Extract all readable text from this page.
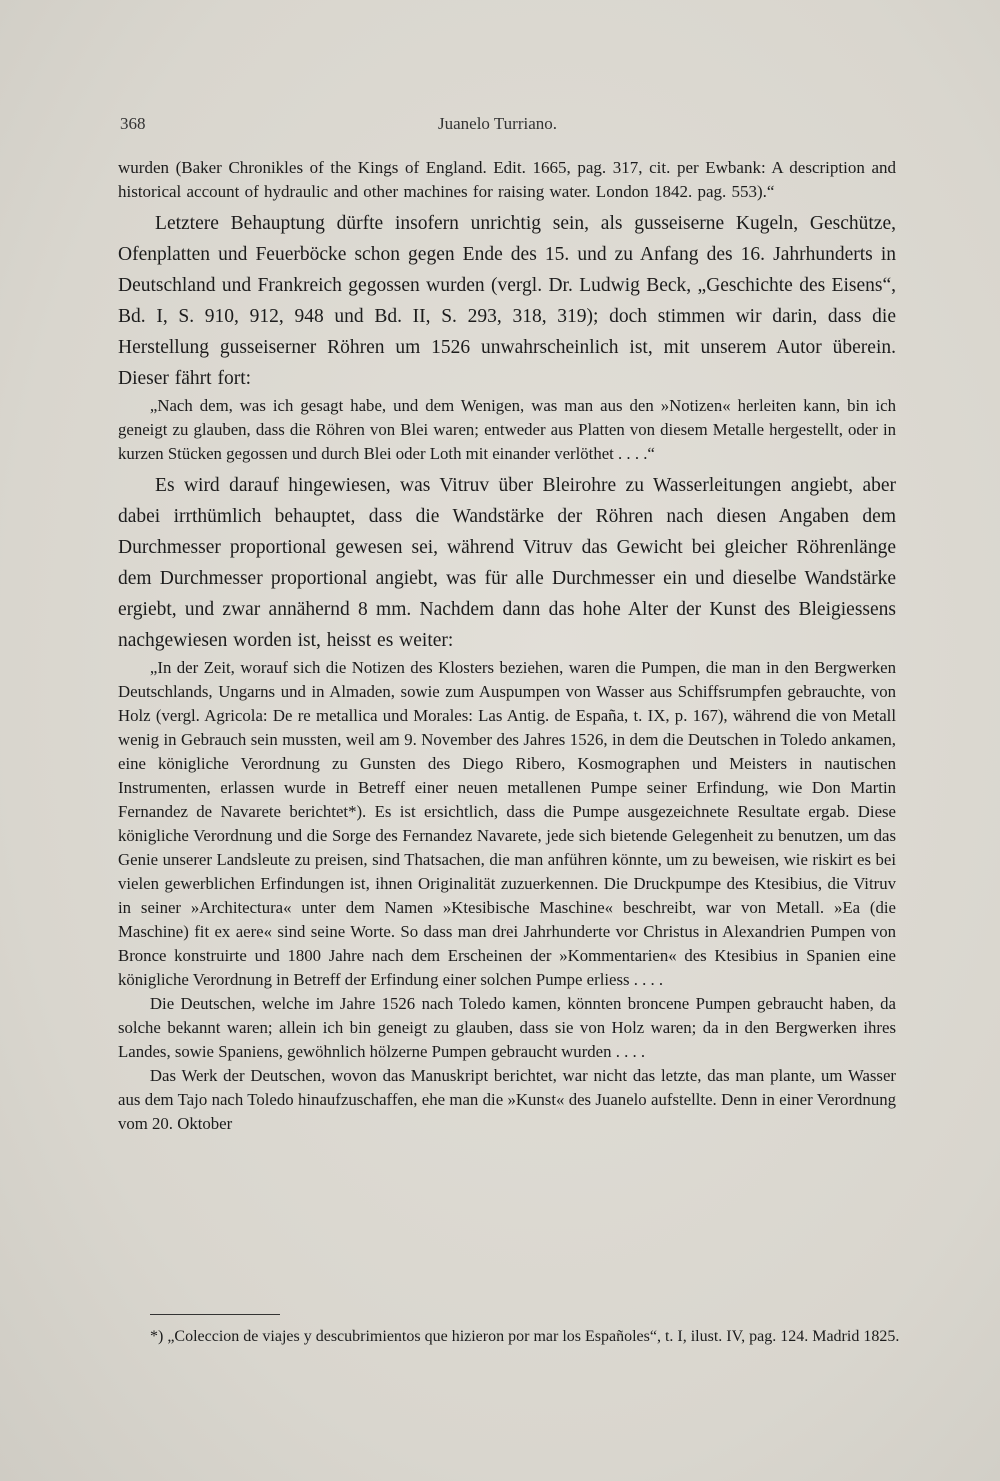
368	Juanelo Turriano.

wurden (Baker Chronikles of the Kings of England. Edit. 1665, pag. 317, cit. per Ewbank: A description and historical account of hydraulic and other machines for raising water. London 1842. pag. 553).“

Letztere Behauptung dürfte insofern unrichtig sein, als gusseiserne Kugeln, Geschütze, Ofenplatten und Feuerböcke schon gegen Ende des 15. und zu Anfang des 16. Jahrhunderts in Deutschland und Frankreich gegossen wurden (vergl. Dr. Ludwig Beck, „Geschichte des Eisens“, Bd. I, S. 910, 912, 948 und Bd. II, S. 293, 318, 319); doch stimmen wir darin, dass die Herstellung gusseiserner Röhren um 1526 unwahrscheinlich ist, mit unserem Autor überein. Dieser fährt fort:

„Nach dem, was ich gesagt habe, und dem Wenigen, was man aus den »Notizen« herleiten kann, bin ich geneigt zu glauben, dass die Röhren von Blei waren; entweder aus Platten von diesem Metalle hergestellt, oder in kurzen Stücken gegossen und durch Blei oder Loth mit einander verlöthet . . . .“

Es wird darauf hingewiesen, was Vitruv über Bleirohre zu Wasserleitungen angiebt, aber dabei irrthümlich behauptet, dass die Wandstärke der Röhren nach diesen Angaben dem Durchmesser proportional gewesen sei, während Vitruv das Gewicht bei gleicher Röhrenlänge dem Durchmesser proportional angiebt, was für alle Durchmesser ein und dieselbe Wandstärke ergiebt, und zwar annähernd 8 mm. Nachdem dann das hohe Alter der Kunst des Bleigiessens nachgewiesen worden ist, heisst es weiter:

„In der Zeit, worauf sich die Notizen des Klosters beziehen, waren die Pumpen, die man in den Bergwerken Deutschlands, Ungarns und in Almaden, sowie zum Auspumpen von Wasser aus Schiffsrumpfen gebrauchte, von Holz (vergl. Agricola: De re metallica und Morales: Las Antig. de España, t. IX, p. 167), während die von Metall wenig in Gebrauch sein mussten, weil am 9. November des Jahres 1526, in dem die Deutschen in Toledo ankamen, eine königliche Verordnung zu Gunsten des Diego Ribero, Kosmographen und Meisters in nautischen Instrumenten, erlassen wurde in Betreff einer neuen metallenen Pumpe seiner Erfindung, wie Don Martin Fernandez de Navarete berichtet*). Es ist ersichtlich, dass die Pumpe ausgezeichnete Resultate ergab. Diese königliche Verordnung und die Sorge des Fernandez Navarete, jede sich bietende Gelegenheit zu benutzen, um das Genie unserer Landsleute zu preisen, sind Thatsachen, die man anführen könnte, um zu beweisen, wie riskirt es bei vielen gewerblichen Erfindungen ist, ihnen Originalität zuzuerkennen. Die Druckpumpe des Ktesibius, die Vitruv in seiner »Architectura« unter dem Namen »Ktesibische Maschine« beschreibt, war von Metall. »Ea (die Maschine) fit ex aere« sind seine Worte. So dass man drei Jahrhunderte vor Christus in Alexandrien Pumpen von Bronce konstruirte und 1800 Jahre nach dem Erscheinen der »Kommentarien« des Ktesibius in Spanien eine königliche Verordnung in Betreff der Erfindung einer solchen Pumpe erliess . . . .

Die Deutschen, welche im Jahre 1526 nach Toledo kamen, könnten broncene Pumpen gebraucht haben, da solche bekannt waren; allein ich bin geneigt zu glauben, dass sie von Holz waren; da in den Bergwerken ihres Landes, sowie Spaniens, gewöhnlich hölzerne Pumpen gebraucht wurden . . . .

Das Werk der Deutschen, wovon das Manuskript berichtet, war nicht das letzte, das man plante, um Wasser aus dem Tajo nach Toledo hinaufzuschaffen, ehe man die »Kunst« des Juanelo aufstellte. Denn in einer Verordnung vom 20. Oktober

*) „Coleccion de viajes y descubrimientos que hizieron por mar los Españoles“, t. I, ilust. IV, pag. 124. Madrid 1825.
